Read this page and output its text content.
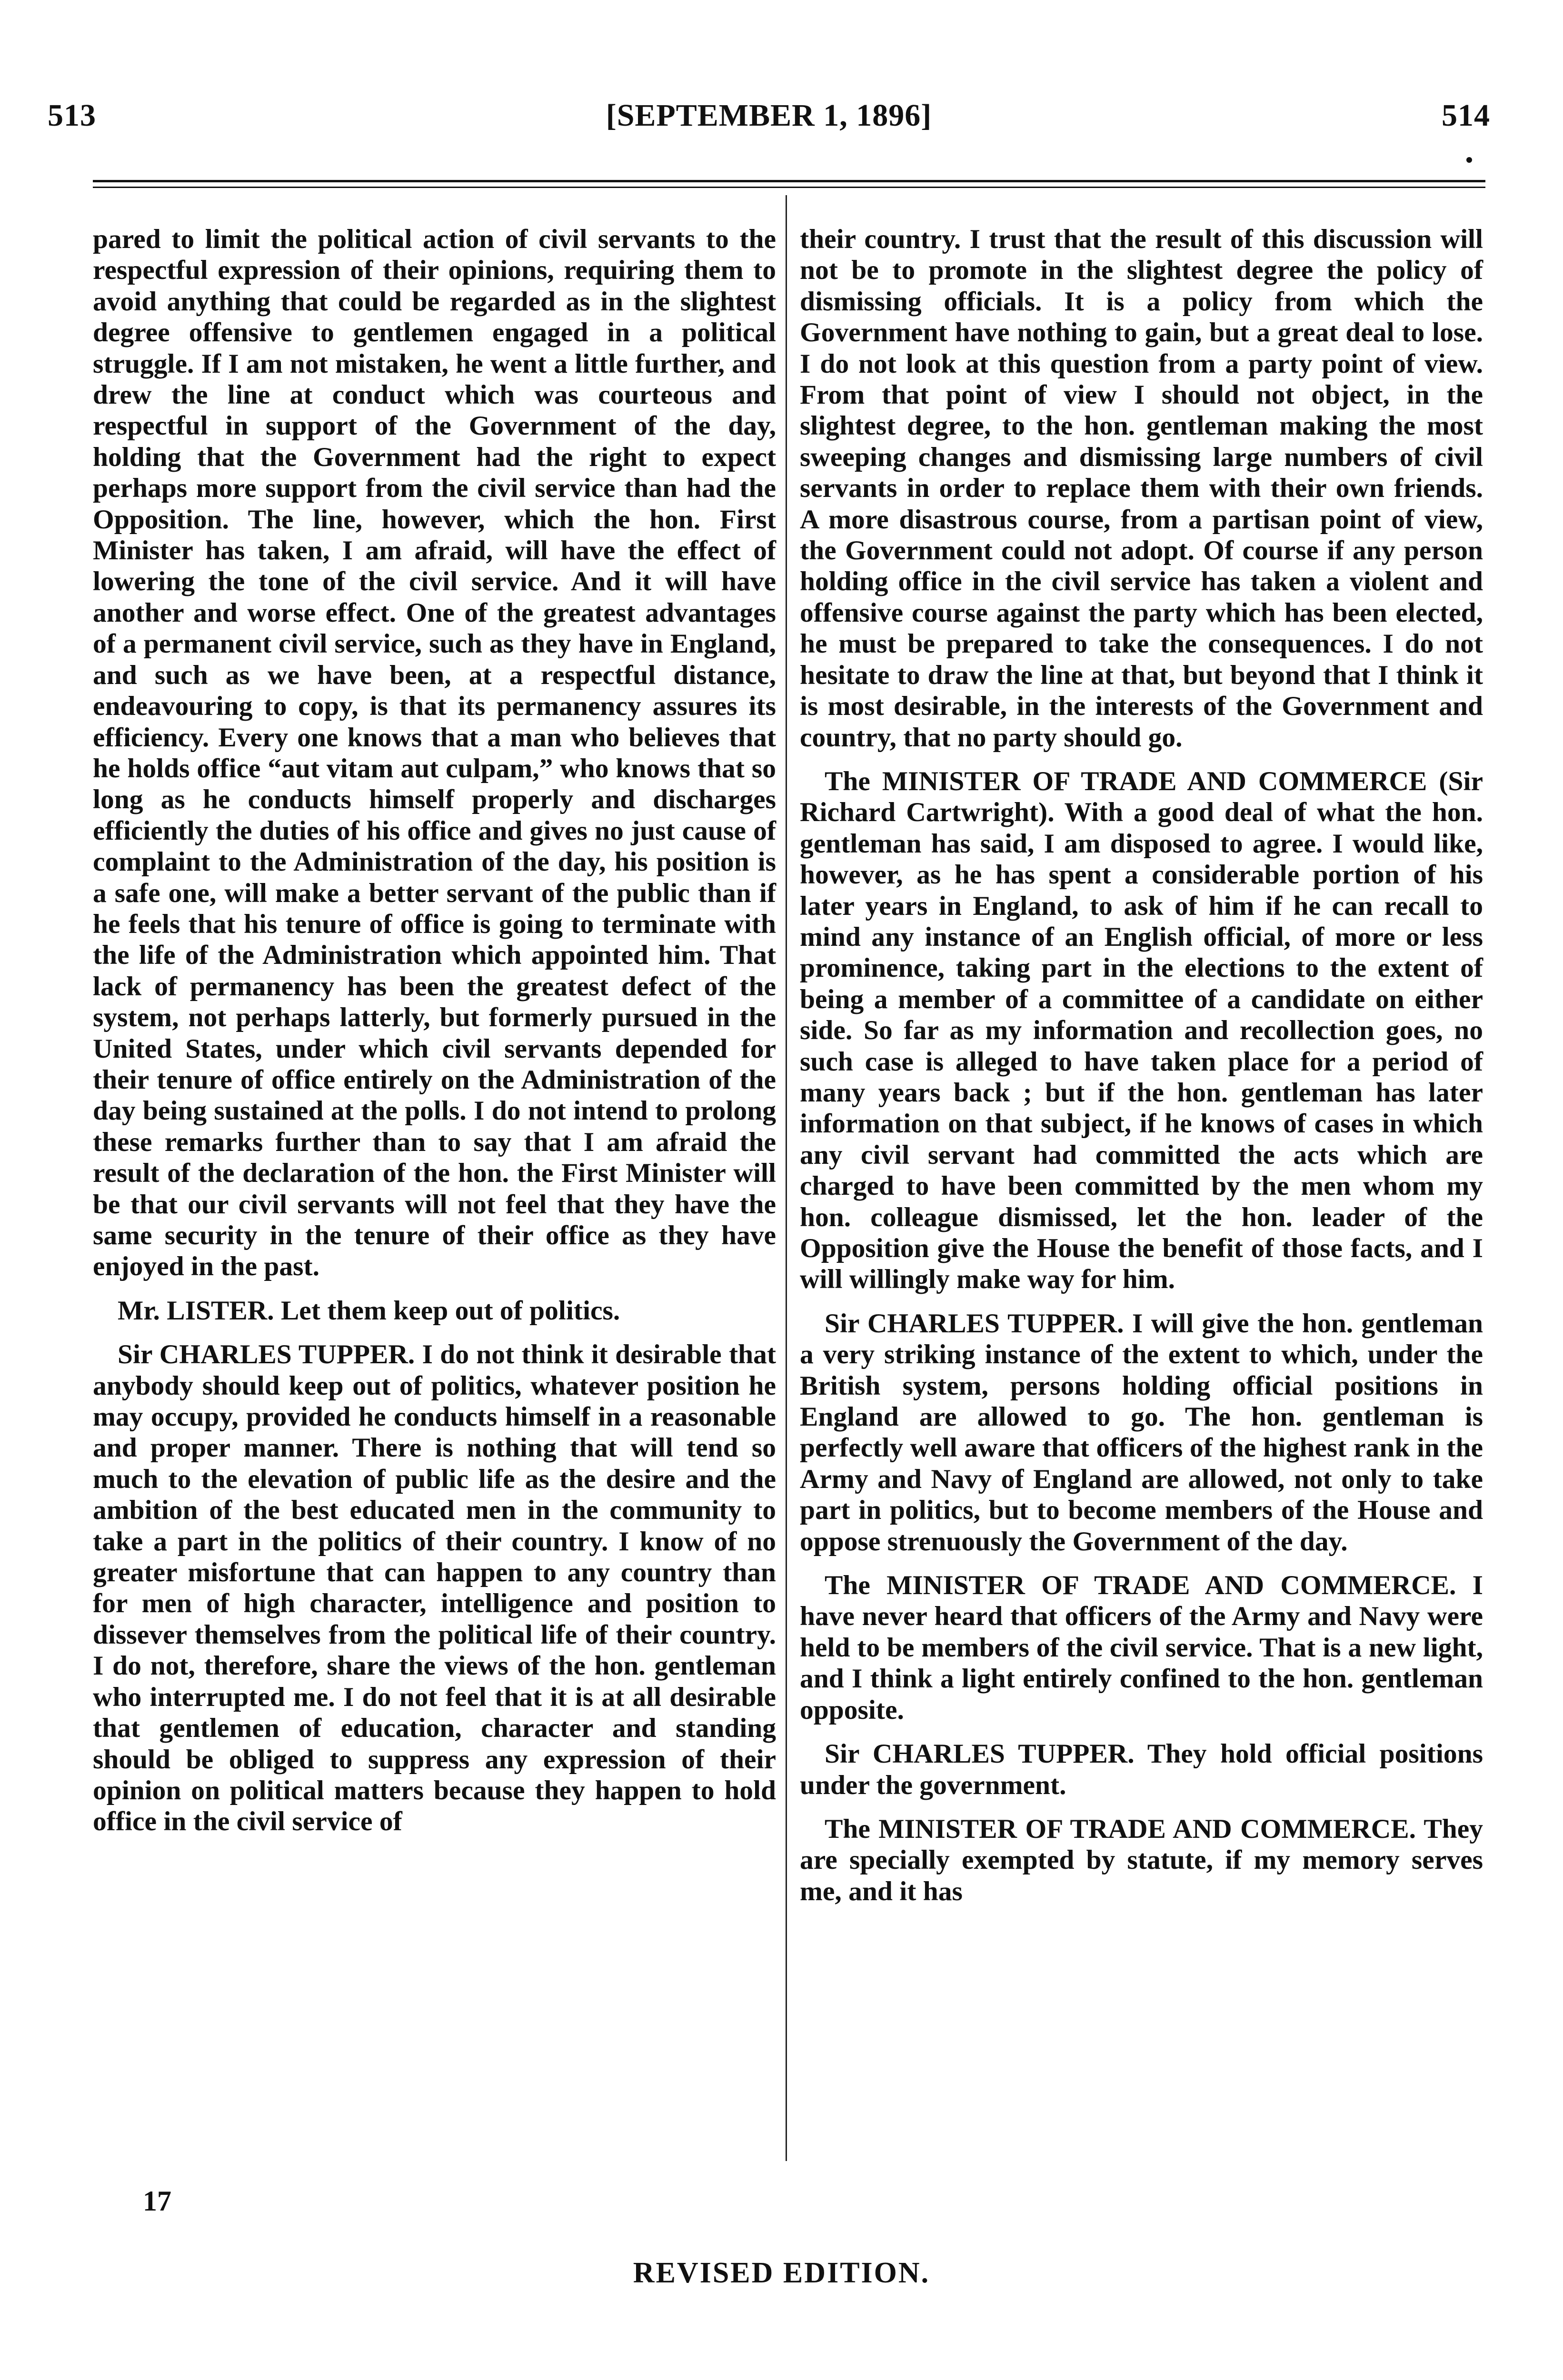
513	[SEPTEMBER 1, 1896]	514

pared to limit the political action of civil servants to the respectful expression of their opinions, requiring them to avoid anything that could be regarded as in the slightest degree offensive to gentlemen engaged in a political struggle. If I am not mistaken, he went a little further, and drew the line at conduct which was courteous and respectful in support of the Government of the day, holding that the Government had the right to expect perhaps more support from the civil service than had the Opposition. The line, however, which the hon. First Minister has taken, I am afraid, will have the effect of lowering the tone of the civil service. And it will have another and worse effect. One of the greatest advantages of a permanent civil service, such as they have in England, and such as we have been, at a respectful distance, endeavouring to copy, is that its permanency assures its efficiency. Every one knows that a man who believes that he holds office “aut vitam aut culpam,” who knows that so long as he conducts himself properly and discharges efficiently the duties of his office and gives no just cause of complaint to the Administration of the day, his position is a safe one, will make a better servant of the public than if he feels that his tenure of office is going to terminate with the life of the Administration which appointed him. That lack of permanency has been the greatest defect of the system, not perhaps latterly, but formerly pursued in the United States, under which civil servants depended for their tenure of office entirely on the Administration of the day being sustained at the polls. I do not intend to prolong these remarks further than to say that I am afraid the result of the declaration of the hon. the First Minister will be that our civil servants will not feel that they have the same security in the tenure of their office as they have enjoyed in the past.

Mr. LISTER. Let them keep out of politics.

Sir CHARLES TUPPER. I do not think it desirable that anybody should keep out of politics, whatever position he may occupy, provided he conducts himself in a reasonable and proper manner. There is nothing that will tend so much to the elevation of public life as the desire and the ambition of the best educated men in the community to take a part in the politics of their country. I know of no greater misfortune that can happen to any country than for men of high character, intelligence and position to dissever themselves from the political life of their country. I do not, therefore, share the views of the hon. gentleman who interrupted me. I do not feel that it is at all desirable that gentlemen of education, character and standing should be obliged to suppress any expression of their opinion on political matters because they happen to hold office in the civil service of

their country. I trust that the result of this discussion will not be to promote in the slightest degree the policy of dismissing officials. It is a policy from which the Government have nothing to gain, but a great deal to lose. I do not look at this question from a party point of view. From that point of view I should not object, in the slightest degree, to the hon. gentleman making the most sweeping changes and dismissing large numbers of civil servants in order to replace them with their own friends. A more disastrous course, from a partisan point of view, the Government could not adopt. Of course if any person holding office in the civil service has taken a violent and offensive course against the party which has been elected, he must be prepared to take the consequences. I do not hesitate to draw the line at that, but beyond that I think it is most desirable, in the interests of the Government and country, that no party should go.

The MINISTER OF TRADE AND COMMERCE (Sir Richard Cartwright). With a good deal of what the hon. gentleman has said, I am disposed to agree. I would like, however, as he has spent a considerable portion of his later years in England, to ask of him if he can recall to mind any instance of an English official, of more or less prominence, taking part in the elections to the extent of being a member of a committee of a candidate on either side. So far as my information and recollection goes, no such case is alleged to have taken place for a period of many years back ; but if the hon. gentleman has later information on that subject, if he knows of cases in which any civil servant had committed the acts which are charged to have been committed by the men whom my hon. colleague dismissed, let the hon. leader of the Opposition give the House the benefit of those facts, and I will willingly make way for him.

Sir CHARLES TUPPER. I will give the hon. gentleman a very striking instance of the extent to which, under the British system, persons holding official positions in England are allowed to go. The hon. gentleman is perfectly well aware that officers of the highest rank in the Army and Navy of England are allowed, not only to take part in politics, but to become members of the House and oppose strenuously the Government of the day.

The MINISTER OF TRADE AND COMMERCE. I have never heard that officers of the Army and Navy were held to be members of the civil service. That is a new light, and I think a light entirely confined to the hon. gentleman opposite.

Sir CHARLES TUPPER. They hold official positions under the government.

The MINISTER OF TRADE AND COMMERCE. They are specially exempted by statute, if my memory serves me, and it has

17
REVISED EDITION.
